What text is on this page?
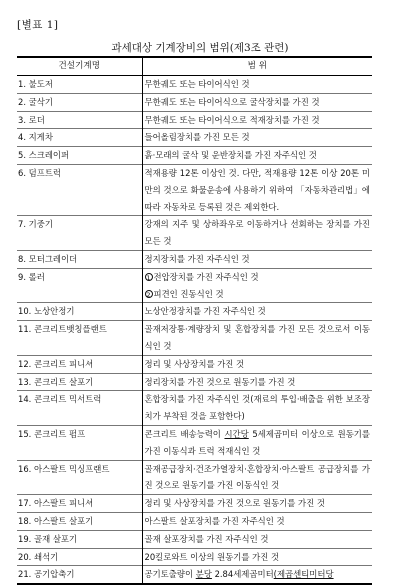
[별표 1]
과세대상 기계장비의 범위(제3조 관련)
건설기계명	범 위
1. 불도저	무한궤도 또는 타이어식인 것
2. 굴삭기	무한궤도 또는 타이어식으로 굴삭장치를 가진 것
3. 로더	무한궤도 또는 타이어식으로 적재장치를 가진 것
4. 지게차	들어올림장치를 가진 모든 것
5. 스크레이퍼	흙·모래의 굴삭 및 운반장치를 가진 자주식인 것
6. 덤프트럭	적재용량 12톤 이상인 것. 다만, 적재용량 12톤 이상 20톤 미만의 것으로 화물운송에 사용하기 위하여 「자동차관리법」에 따라 자동차로 등록된 것은 제외한다.
7. 기중기	강재의 지주 및 상하좌우로 이동하거나 선회하는 장치를 가진 모든 것
8. 모터그레이더	정지장치를 가진 자주식인 것
9. 롤러	1 전압장치를 가진 자주식인 것
2 피견인 진동식인 것

10. 노상안정기	노상안정장치를 가진 자주식인 것
11. 콘크리트뱃칭플랜트	골재저장통·계량장치 및 혼합장치를 가진 모든 것으로서 이동식인 것
12. 콘크리트 피니셔	정리 및 사상장치를 가진 것
13. 콘크리트 살포기	정리장치를 가진 것으로 원동기를 가진 것
14. 콘크리트 믹서트럭	혼합장치를 가진 자주식인 것(재료의 투입·배출을 위한 보조장치가 부착된 것을 포함한다)
15. 콘크리트 펌프	콘크리트 배송능력이 시간당 5세제곱미터 이상으로 원동기를 가진 이동식과 트럭 적재식인 것
16. 아스팔트 믹싱프랜트	골재공급장치·건조가열장치·혼합장치·아스팔트 공급장치를 가진 것으로 원동기를 가진 이동식인 것
17. 아스팔트 피니셔	정리 및 사상장치를 가진 것으로 원동기를 가진 것
18. 아스팔트 살포기	아스팔트 살포장치를 가진 자주식인 것
19. 골재 살포기	골재 살포장치를 가진 자주식인 것
20. 쇄석기	20킬로와트 이상의 원동기를 가진 것
21. 공기압축기	공기토출량이 분당 2.84세제곱미터(제곱센티미터당
